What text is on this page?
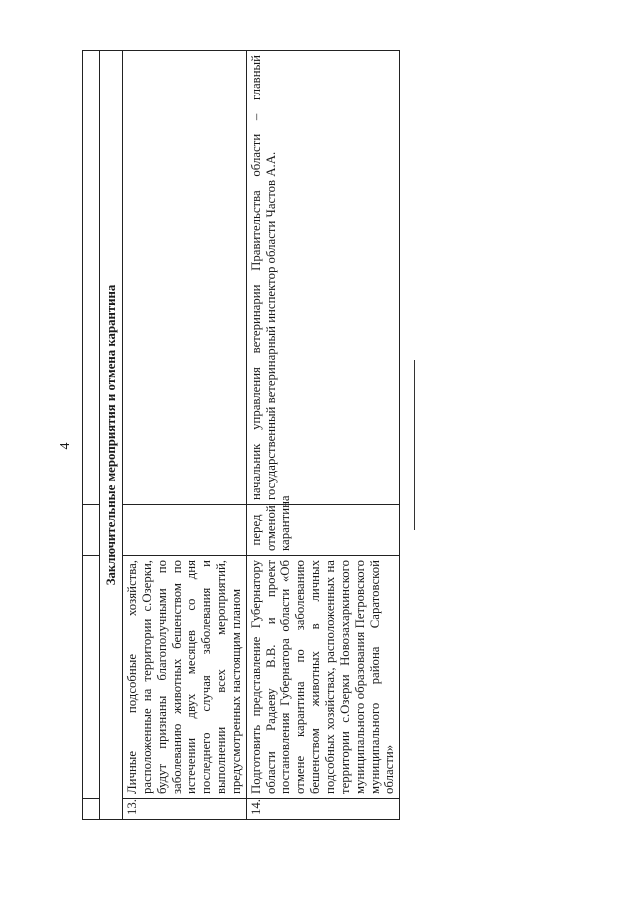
4
			Заключительные мероприятия и отмена карантина			
13.	Личные подсобные хозяйства, расположенные на территории с.Озерки, будут признаны благополучными по заболеванию животных бешенством по истечении двух месяцев со дня последнего случая заболевания и выполнении всех мероприятий, предусмотренных настоящим планом		
14.	Подготовить представление Губернатору области Радаеву В.В. и проект постановления Губернатора области «Об отмене карантина по заболеванию бешенством животных в личных подсобных хозяйствах, расположенных на территории с.Озерки Новозахаркинского муниципального образования Петровского муниципального района Саратовской области»	перед отменой карантина	начальник управления ветеринарии Правительства области – главный государственный ветеринарный инспектор области Частов А.А.
